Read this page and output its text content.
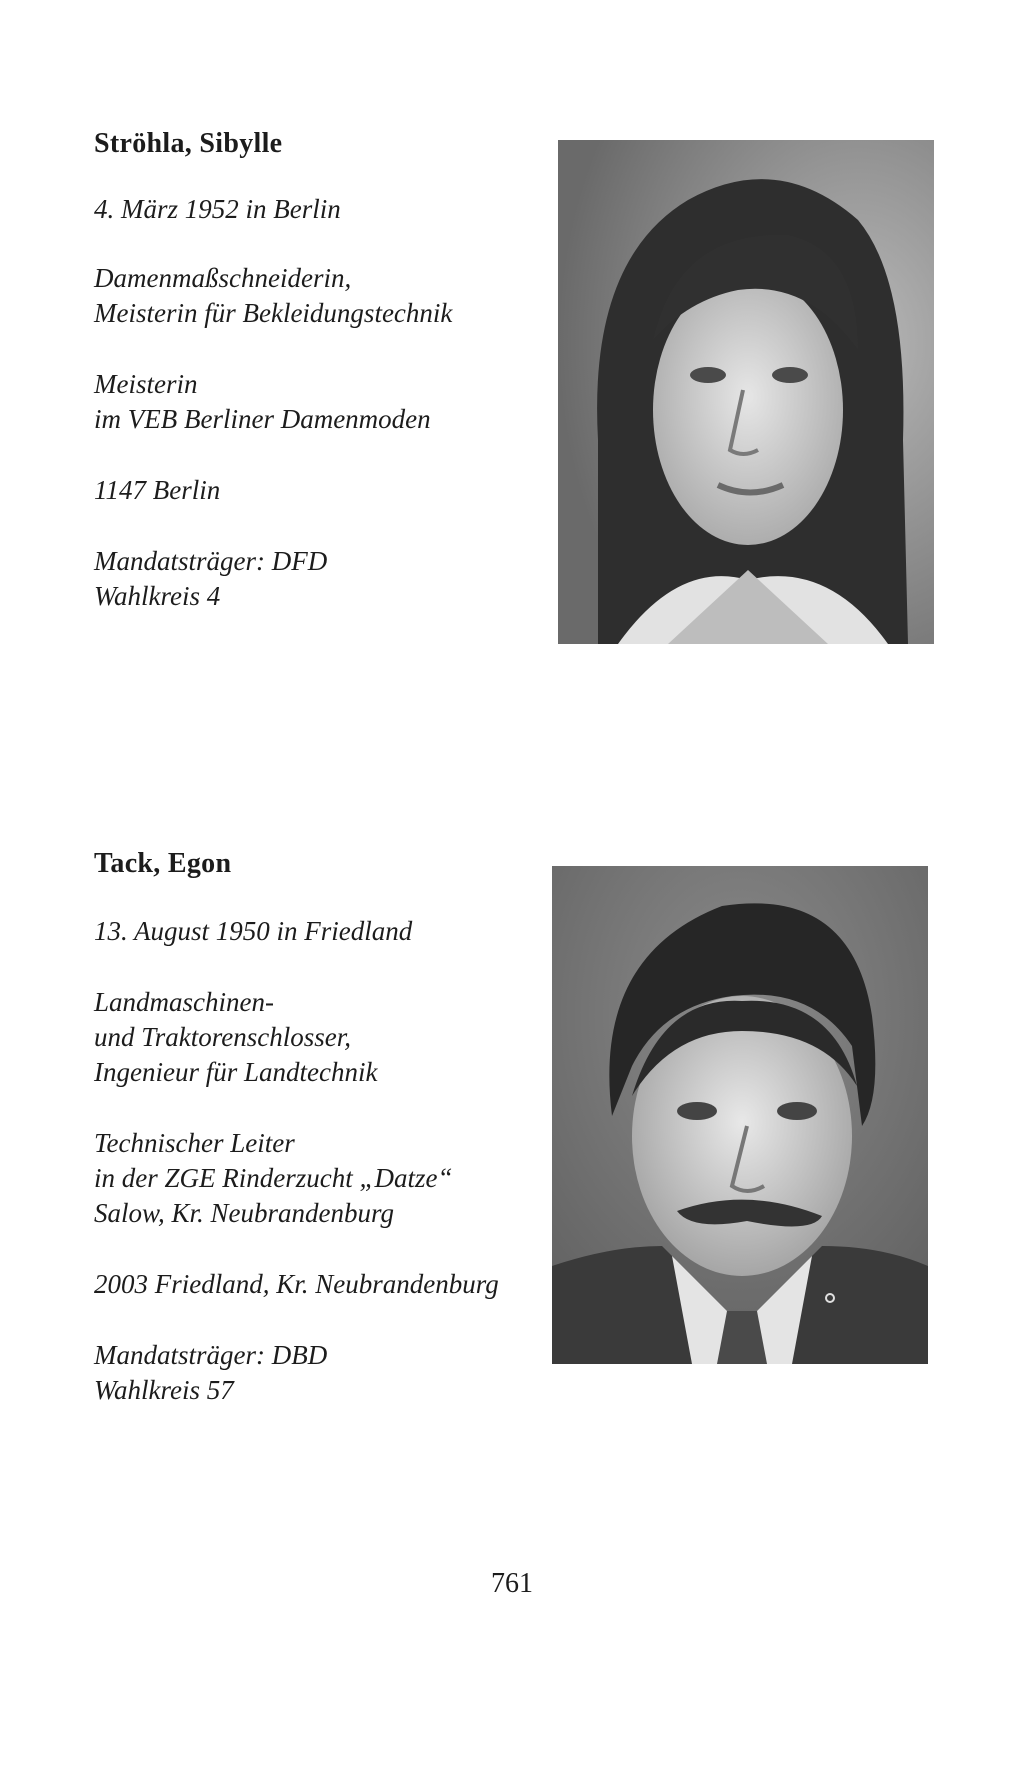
Ströhla, Sibylle

4. März 1952 in Berlin

Damenmaßschneiderin,
Meisterin für Bekleidungstechnik

Meisterin
im VEB Berliner Damenmoden

1147 Berlin

Mandatsträger: DFD
Wahlkreis 4

Tack, Egon

13. August 1950 in Friedland

Landmaschinen-
und Traktorenschlosser,
Ingenieur für Landtechnik

Technischer Leiter
in der ZGE Rinderzucht „Datze“
Salow, Kr. Neubrandenburg

2003 Friedland, Kr. Neubrandenburg

Mandatsträger: DBD
Wahlkreis 57

761
